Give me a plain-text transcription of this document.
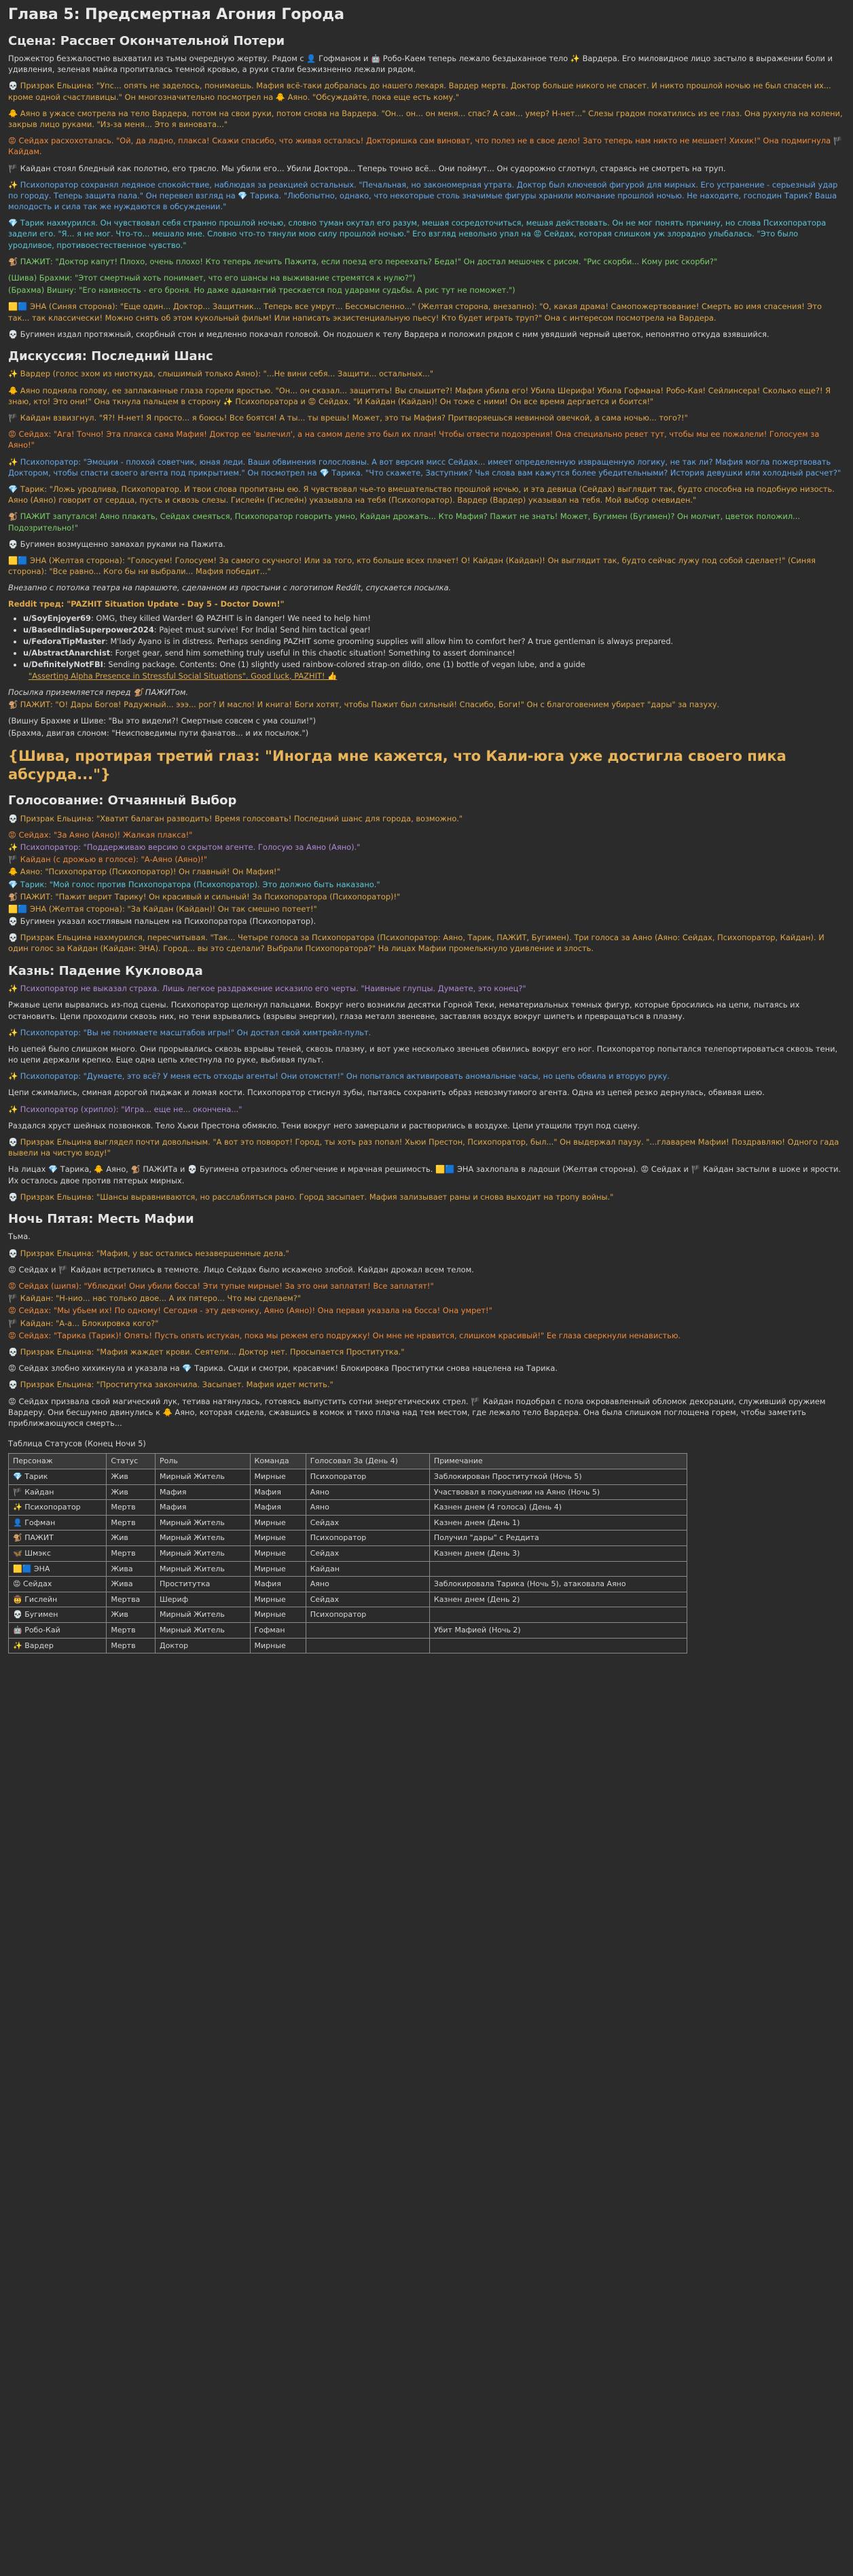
Глава 5: Предсмертная Агония Города
Сцена: Рассвет Окончательной Потери

Прожектор безжалостно выхватил из тьмы очередную жертву. Рядом с 👤 Гофманом и 🤖 Робо-Каем теперь лежало бездыханное тело ✨ Вардера. Его миловидное лицо застыло в выражении боли и удивления, зеленая майка пропиталась темной кровью, а руки стали безжизненно лежали рядом.

💀 Призрак Ельцина: "Упс... опять не заделось, понимаешь. Мафия всё-таки добралась до нашего лекаря. Вардер мертв. Доктор больше никого не спасет. И никто прошлой ночью не был спасен их... кроме одной счастливицы." Он многозначительно посмотрел на 🐥 Аяно. "Обсуждайте, пока еще есть кому."

🐥 Аяно в ужасе смотрела на тело Вардера, потом на свои руки, потом снова на Вардера. "Он... он... он меня... спас? А сам... умер? Н-нет..." Слезы градом покатились из ее глаз. Она рухнула на колени, закрыв лицо руками. "Из-за меня... Это я виновата..."

😡 Сейдах расхохоталась. "Ой, да ладно, плакса! Скажи спасибо, что живая осталась! Докторишка сам виноват, что полез не в свое дело! Зато теперь нам никто не мешает! Хихик!" Она подмигнула 🏴 Кайдам.

🏴 Кайдан стоял бледный как полотно, его трясло. Мы убили его... Убили Доктора... Теперь точно всё... Они поймут... Он судорожно сглотнул, стараясь не смотреть на труп.

✨ Психопоратор сохранял ледяное спокойствие, наблюдая за реакцией остальных. "Печальная, но закономерная утрата. Доктор был ключевой фигурой для мирных. Его устранение - серьезный удар по городу. Теперь защита пала." Он перевел взгляд на 💎 Тарика. "Любопытно, однако, что некоторые столь значимые фигуры хранили молчание прошлой ночью. Не находите, господин Тарик? Ваша молодость и сила так же нуждаются в обсуждении."

💎 Тарик нахмурился. Он чувствовал себя странно прошлой ночью, словно туман окутал его разум, мешая сосредоточиться, мешая действовать. Он не мог понять причину, но слова Психопоратора задели его. "Я... я не мог. Что-то... мешало мне. Словно что-то тянули мою силу прошлой ночью." Его взгляд невольно упал на 😡 Сейдах, которая слишком уж злорадно улыбалась. "Это было уродливое, противоестественное чувство."

🐒 ПАЖИТ: "Доктор капут! Плохо, очень плохо! Кто теперь лечить Пажита, если поезд его переехать? Беда!" Он достал мешочек с рисом. "Рис скорби... Кому рис скорби?"

(Шива) Брахми: "Этот смертный хоть понимает, что его шансы на выживание стремятся к нулю?")

(Брахма) Вишну: "Его наивность - его броня. Но даже адамантий трескается под ударами судьбы. А рис тут не поможет.")

🟨🟦 ЭНА (Синяя сторона): "Еще один... Доктор... Защитник... Теперь все умрут... Бессмысленно..." (Желтая сторона, внезапно): "О, какая драма! Самопожертвование! Смерть во имя спасения! Это так... так классически! Можно снять об этом кукольный фильм! Или написать экзистенциальную пьесу! Кто будет играть труп?" Она с интересом посмотрела на Вардера.

💀 Бугимен издал протяжный, скорбный стон и медленно покачал головой. Он подошел к телу Вардера и положил рядом с ним увядший черный цветок, непонятно откуда взявшийся.

Дискуссия: Последний Шанс

✨ Вардер (голос эхом из ниоткуда, слышимый только Аяно): "...Не вини себя... Защити... остальных..."

🐥 Аяно подняла голову, ее заплаканные глаза горели яростью. "Он... он сказал... защитить! Вы слышите?! Мафия убила его! Убила Шерифа! Убила Гофмана! Робо-Кая! Сейлинсера! Сколько еще?! Я знаю, кто! Это они!" Она ткнула пальцем в сторону ✨ Психопоратора и 😡 Сейдах. "И Кайдан (Кайдан)! Он тоже с ними! Он все время дергается и боится!"

🏴 Кайдан взвизгнул. "Я?! Н-нет! Я просто... я боюсь! Все боятся! А ты... ты врешь! Может, это ты Мафия? Притворяешься невинной овечкой, а сама ночью... того?!"

😡 Сейдах: "Ага! Точно! Эта плакса сама Мафия! Доктор ее 'вылечил', а на самом деле это был их план! Чтобы отвести подозрения! Она специально ревет тут, чтобы мы ее пожалели! Голосуем за Аяно!"

✨ Психопоратор: "Эмоции - плохой советчик, юная леди. Ваши обвинения голословны. А вот версия мисс Сейдах... имеет определенную извращенную логику, не так ли? Мафия могла пожертвовать Доктором, чтобы спасти своего агента под прикрытием." Он посмотрел на 💎 Тарика. "Что скажете, Заступник? Чья слова вам кажутся более убедительными? История девушки или холодный расчет?"

💎 Тарик: "Ложь уродлива, Психопоратор. И твои слова пропитаны ею. Я чувствовал чье-то вмешательство прошлой ночью, и эта девица (Сейдах) выглядит так, будто способна на подобную низость. Аяно (Аяно) говорит от сердца, пусть и сквозь слезы. Гислейн (Гислейн) указывала на тебя (Психопоратор). Вардер (Вардер) указывал на тебя. Мой выбор очевиден."

🐒 ПАЖИТ запутался! Аяно плакать, Сейдах смеяться, Психопоратор говорить умно, Кайдан дрожать... Кто Мафия? Пажит не знать! Может, Бугимен (Бугимен)? Он молчит, цветок положил... Подозрительно!"

💀 Бугимен возмущенно замахал руками на Пажита.

🟨🟦 ЭНА (Желтая сторона): "Голосуем! Голосуем! За самого скучного! Или за того, кто больше всех плачет! О! Кайдан (Кайдан)! Он выглядит так, будто сейчас лужу под собой сделает!" (Синяя сторона): "Все равно... Кого бы ни выбрали... Мафия победит..."

Внезапно с потолка театра на парашюте, сделанном из простыни с логотипом Reddit, спускается посылка.

Reddit тред: "PAZHIT Situation Update - Day 5 - Doctor Down!"
• u/SoyEnjoyer69: OMG, they killed Warder! 😱 PAZHIT is in danger! We need to help him!
• u/BasedIndiaSuperpower2024: Pajeet must survive! For India! Send him tactical gear!
• u/FedoraTipMaster: M'lady Ayano is in distress. Perhaps sending PAZHIT some grooming supplies will allow him to comfort her? A true gentleman is always prepared.
• u/AbstractAnarchist: Forget gear, send him something truly useful in this chaotic situation! Something to assert dominance!
• u/DefinitelyNotFBI: Sending package. Contents: One (1) slightly used rainbow-colored strap-on dildo, one (1) bottle of vegan lube, and a guide
"Asserting Alpha Presence in Stressful Social Situations". Good luck, PAZHIT! 👍

Посылка приземляется перед 🐒 ПАЖИТом.

🐒 ПАЖИТ: "О! Дары Богов! Радужный... эээ... рог? И масло! И книга! Боги хотят, чтобы Пажит был сильный! Спасибо, Боги!" Он с благоговением убирает "дары" за пазуху.

(Вишну Брахме и Шиве: "Вы это видели?! Смертные совсем с ума сошли!")

(Брахма, двигая слоном: "Неисповедимы пути фанатов... и их посылок.")

{Шива, протирая третий глаз: "Иногда мне кажется, что Кали-юга уже достигла своего пика абсурда..."}
Голосование: Отчаянный Выбор

💀 Призрак Ельцина: "Хватит балаган разводить! Время голосовать! Последний шанс для города, возможно."

😡 Сейдах: "За Аяно (Аяно)! Жалкая плакса!"

✨ Психопоратор: "Поддерживаю версию о скрытом агенте. Голосую за Аяно (Аяно)."

🏴 Кайдан (с дрожью в голосе): "А-Аяно (Аяно)!"

🐥 Аяно: "Психопоратор (Психопоратор)! Он главный! Он Мафия!"

💎 Тарик: "Мой голос против Психопоратора (Психопоратор). Это должно быть наказано."

🐒 ПАЖИТ: "Пажит верит Тарику! Он красивый и сильный! За Психопоратора (Психопоратор)!"

🟨🟦 ЭНА (Желтая сторона): "За Кайдан (Кайдан)! Он так смешно потеет!"

💀 Бугимен указал костлявым пальцем на Психопоратора (Психопоратор).

💀 Призрак Ельцина нахмурился, пересчитывая. "Так... Четыре голоса за Психопоратора (Психопоратор: Аяно, Тарик, ПАЖИТ, Бугимен). Три голоса за Аяно (Аяно: Сейдах, Психопоратор, Кайдан). И один голос за Кайдан (Кайдан: ЭНА). Город... вы это сделали? Выбрали Психопоратора?" На лицах Мафии промелькнуло удивление и злость.

Казнь: Падение Кукловода

✨ Психопоратор не выказал страха. Лишь легкое раздражение исказило его черты. "Наивные глупцы. Думаете, это конец?"

Ржавые цепи вырвались из-под сцены. Психопоратор щелкнул пальцами. Вокруг него возникли десятки Горной Теки, нематериальных темных фигур, которые бросились на цепи, пытаясь их остановить. Цепи проходили сквозь них, но тени взрывались (взрывы энергии), глаза металл звеневне, заставляя воздух вокруг шипеть и превращаться в плазму.

✨ Психопоратор: "Вы не понимаете масштабов игры!" Он достал свой химтрейл-пульт.

Но цепей было слишком много. Они прорывались сквозь взрывы теней, сквозь плазму, и вот уже несколько звеньев обвились вокруг его ног. Психопоратор попытался телепортироваться сквозь тени, но цепи держали крепко. Еще одна цепь хлестнула по руке, выбивая пульт.

✨ Психопоратор: "Думаете, это всё? У меня есть отходы агенты! Они отомстят!" Он попытался активировать аномальные часы, но цепь обвила и вторую руку.

Цепи сжимались, сминая дорогой пиджак и ломая кости. Психопоратор стиснул зубы, пытаясь сохранить образ невозмутимого агента. Одна из цепей резко дернулась, обвивая шею.

✨ Психопоратор (хрипло): "Игра... еще не... окончена..."

Раздался хруст шейных позвонков. Тело Хьюи Престона обмякло. Тени вокруг него замерцали и растворились в воздухе. Цепи утащили труп под сцену.

💀 Призрак Ельцина выглядел почти довольным. "А вот это поворот! Город, ты хоть раз попал! Хьюи Престон, Психопоратор, был..." Он выдержал паузу. "...главарем Мафии! Поздравляю! Одного гада вывели на чистую воду!"

На лицах 💎 Тарика, 🐥 Аяно, 🐒 ПАЖИТа и 💀 Бугимена отразилось облегчение и мрачная решимость. 🟨🟦 ЭНА захлопала в ладоши (Желтая сторона). 😡 Сейдах и 🏴 Кайдан застыли в шоке и ярости. Их осталось двое против пятерых мирных.

💀 Призрак Ельцина: "Шансы выравниваются, но расслабляться рано. Город засыпает. Мафия зализывает раны и снова выходит на тропу войны."

Ночь Пятая: Месть Мафии

Тьма.

💀 Призрак Ельцина: "Мафия, у вас остались незавершенные дела."

😡 Сейдах и 🏴 Кайдан встретились в темноте. Лицо Сейдах было искажено злобой. Кайдан дрожал всем телом.

😡 Сейдах (шипя): "Ублюдки! Они убили босса! Эти тупые мирные! За это они заплатят! Все заплатят!"

🏴 Кайдан: "Н-нио... нас только двое... А их пятеро... Что мы сделаем?"

😡 Сейдах: "Мы убьем их! По одному! Сегодня - эту девчонку, Аяно (Аяно)! Она первая указала на босса! Она умрет!"

🏴 Кайдан: "А-а... Блокировка кого?"

😡 Сейдах: "Тарика (Тарик)! Опять! Пусть опять истукан, пока мы режем его подружку! Он мне не нравится, слишком красивый!" Ее глаза сверкнули ненавистью.

💀 Призрак Ельцина: "Мафия жаждет крови. Сеятели... Доктор нет. Просыпается Проститутка."

😡 Сейдах злобно хихикнула и указала на 💎 Тарика. Сиди и смотри, красавчик! Блокировка Проститутки снова нацелена на Тарика.

💀 Призрак Ельцина: "Проститутка закончила. Засыпает. Мафия идет мстить."

😡 Сейдах призвала свой магический лук, тетива натянулась, готовясь выпустить сотни энергетических стрел. 🏴 Кайдан подобрал с пола окровавленный обломок декорации, служивший оружием Вардеру. Они бесшумно двинулись к 🐥 Аяно, которая сидела, сжавшись в комок и тихо плача над тем местом, где лежало тело Вардера. Она была слишком поглощена горем, чтобы заметить приближающуюся смерть...

Таблица Статусов (Конец Ночи 5)
Персонаж	Статус	Роль	Команда	Голосовал За (День 4)	Примечание
💎 Тарик	Жив	Мирный Житель	Мирные	Психопоратор	Заблокирован Проституткой (Ночь 5)
🏴 Кайдан	Жив	Мафия	Мафия	Аяно	Участвовал в покушении на Аяно (Ночь 5)
✨ Психопоратор	Мертв	Мафия	Мафия	Аяно	Казнен днем (4 голоса) (День 4)
👤 Гофман	Мертв	Мирный Житель	Мирные	Сейдах	Казнен днем (День 1)
🐒 ПАЖИТ	Жив	Мирный Житель	Мирные	Психопоратор	Получил "дары" с Реддита
🦋 Шмэкс	Мертв	Мирный Житель	Мирные	Сейдах	Казнен днем (День 3)
🟨🟦 ЭНА	Жива	Мирный Житель	Мирные	Кайдан	
😡 Сейдах	Жива	Проститутка	Мафия	Аяно	Заблокировала Тарика (Ночь 5), атаковала Аяно
🤠 Гислейн	Мертва	Шериф	Мирные	Сейдах	Казнен днем (День 2)
💀 Бугимен	Жив	Мирный Житель	Мирные	Психопоратор	
🤖 Робо-Кай	Мертв	Мирный Житель	Гофман		Убит Мафией (Ночь 2)
✨ Вардер	Мертв	Доктор	Мирные		
